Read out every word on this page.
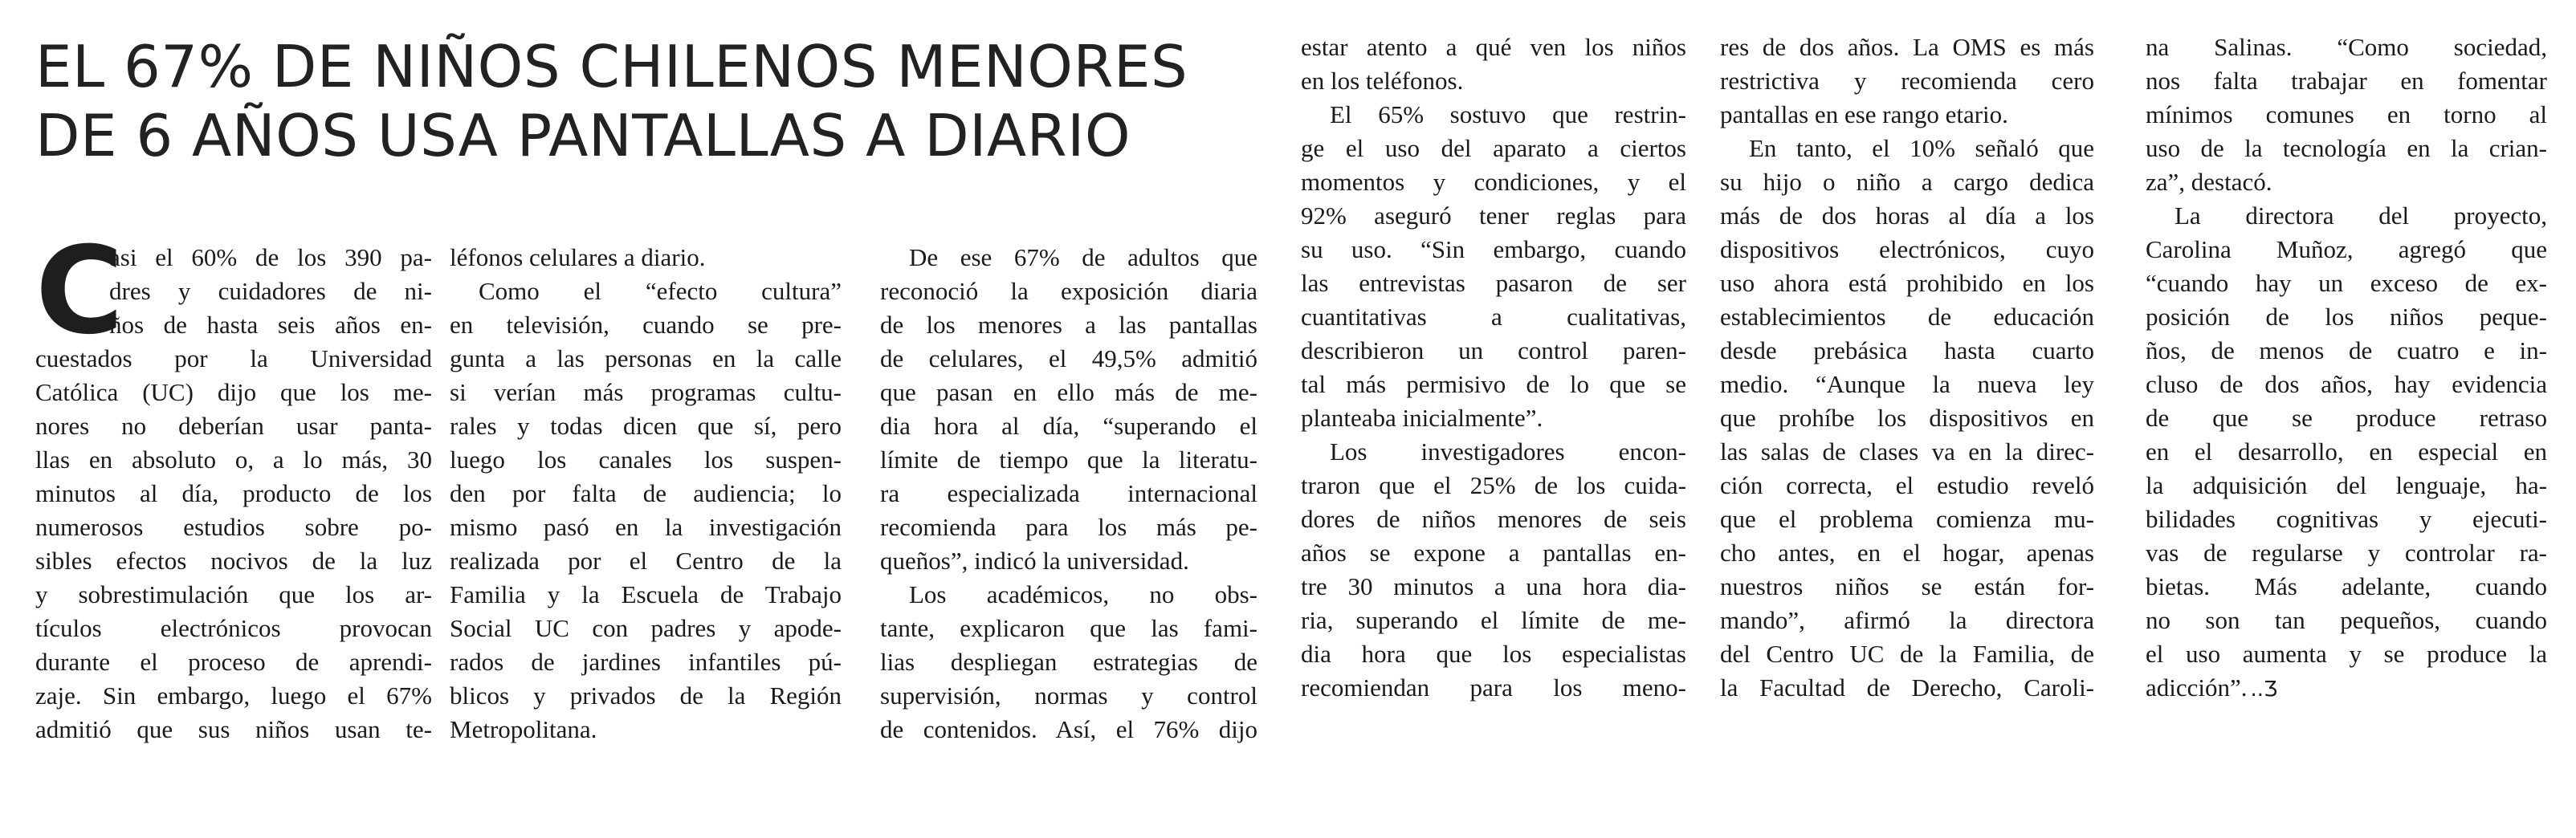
EL 67% DE NIÑOS CHILENOS MENORES
DE 6 AÑOS USA PANTALLAS A DIARIO
C
asi el 60% de los 390 pa-
dres y cuidadores de ni-
ños de hasta seis años en-
cuestados por la Universidad
Católica (UC) dijo que los me-
nores no deberían usar panta-
llas en absoluto o, a lo más, 30
minutos al día, producto de los
numerosos estudios sobre po-
sibles efectos nocivos de la luz
y sobrestimulación que los ar-
tículos electrónicos provocan
durante el proceso de aprendi-
zaje. Sin embargo, luego el 67%
admitió que sus niños usan te-
léfonos celulares a diario.
Como el “efecto cultura”
en televisión, cuando se pre-
gunta a las personas en la calle
si verían más programas cultu-
rales y todas dicen que sí, pero
luego los canales los suspen-
den por falta de audiencia; lo
mismo pasó en la investigación
realizada por el Centro de la
Familia y la Escuela de Trabajo
Social UC con padres y apode-
rados de jardines infantiles pú-
blicos y privados de la Región
Metropolitana.
De ese 67% de adultos que
reconoció la exposición diaria
de los menores a las pantallas
de celulares, el 49,5% admitió
que pasan en ello más de me-
dia hora al día, “superando el
límite de tiempo que la literatu-
ra especializada internacional
recomienda para los más pe-
queños”, indicó la universidad.
Los académicos, no obs-
tante, explicaron que las fami-
lias despliegan estrategias de
supervisión, normas y control
de contenidos. Así, el 76% dijo
estar atento a qué ven los niños
en los teléfonos.
El 65% sostuvo que restrin-
ge el uso del aparato a ciertos
momentos y condiciones, y el
92% aseguró tener reglas para
su uso. “Sin embargo, cuando
las entrevistas pasaron de ser
cuantitativas a cualitativas,
describieron un control paren-
tal más permisivo de lo que se
planteaba inicialmente”.
Los investigadores encon-
traron que el 25% de los cuida-
dores de niños menores de seis
años se expone a pantallas en-
tre 30 minutos a una hora dia-
ria, superando el límite de me-
dia hora que los especialistas
recomiendan para los meno-
res de dos años. La OMS es más
restrictiva y recomienda cero
pantallas en ese rango etario.
En tanto, el 10% señaló que
su hijo o niño a cargo dedica
más de dos horas al día a los
dispositivos electrónicos, cuyo
uso ahora está prohibido en los
establecimientos de educación
desde prebásica hasta cuarto
medio. “Aunque la nueva ley
que prohíbe los dispositivos en
las salas de clases va en la direc-
ción correcta, el estudio reveló
que el problema comienza mu-
cho antes, en el hogar, apenas
nuestros niños se están for-
mando”, afirmó la directora
del Centro UC de la Familia, de
la Facultad de Derecho, Caroli-
na Salinas. “Como sociedad,
nos falta trabajar en fomentar
mínimos comunes en torno al
uso de la tecnología en la crian-
za”, destacó.
La directora del proyecto,
Carolina Muñoz, agregó que
“cuando hay un exceso de ex-
posición de los niños peque-
ños, de menos de cuatro e in-
cluso de dos años, hay evidencia
de que se produce retraso
en el desarrollo, en especial en
la adquisición del lenguaje, ha-
bilidades cognitivas y ejecuti-
vas de regularse y controlar ra-
bietas. Más adelante, cuando
no son tan pequeños, cuando
el uso aumenta y se produce la
adicción”. ..Ʒ
